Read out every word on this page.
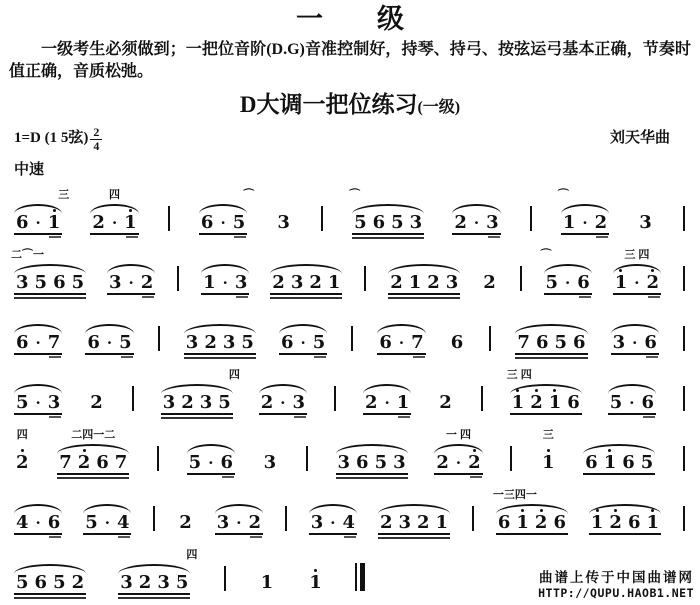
一　　级
一级考生必须做到；一把位音阶(D.G)音准控制好，持琴、持弓、按弦运弓基本正确，节奏时值正确，音质松弛。
D大调一把位练习(一级)
1=D (1 5弦) $\frac{2}{4}$	刘天华曲
中速
三
6 · 1
四
2 · 1
⌒
6 · 5 3
⌒
5 6 5 3 2 · 3
⌒
1 · 2 3
二⌒一
3 5 6 5 3 · 2	1 · 3 2 3 2 1	2 1 2 3 2
⌒
5 · 6
三 四
1 · 2
6 · 7 6 · 5	3 2 3 5 6 · 5	6 · 7 6	7 6 5 6 3 · 6
5 · 3 2
四
3 2 3 5 2 · 3	2 · 1 2
三 四
1 2 1 6 5 · 6
四
2
二四一二
7 2 6 7	5 · 6 3	3 6 5 3
一 四
2 · 2
三
1 6 1 6 5
4 · 6 5 · 4	2 3 · 2	3 · 4 2 3 2 1
一三四一
6 1 2 6 1 2 6 1
5 6 5 2
四
3 2 3 5	1 1	曲谱上传于中国曲谱网
HTTP://QUPU.HAOB1.NET
